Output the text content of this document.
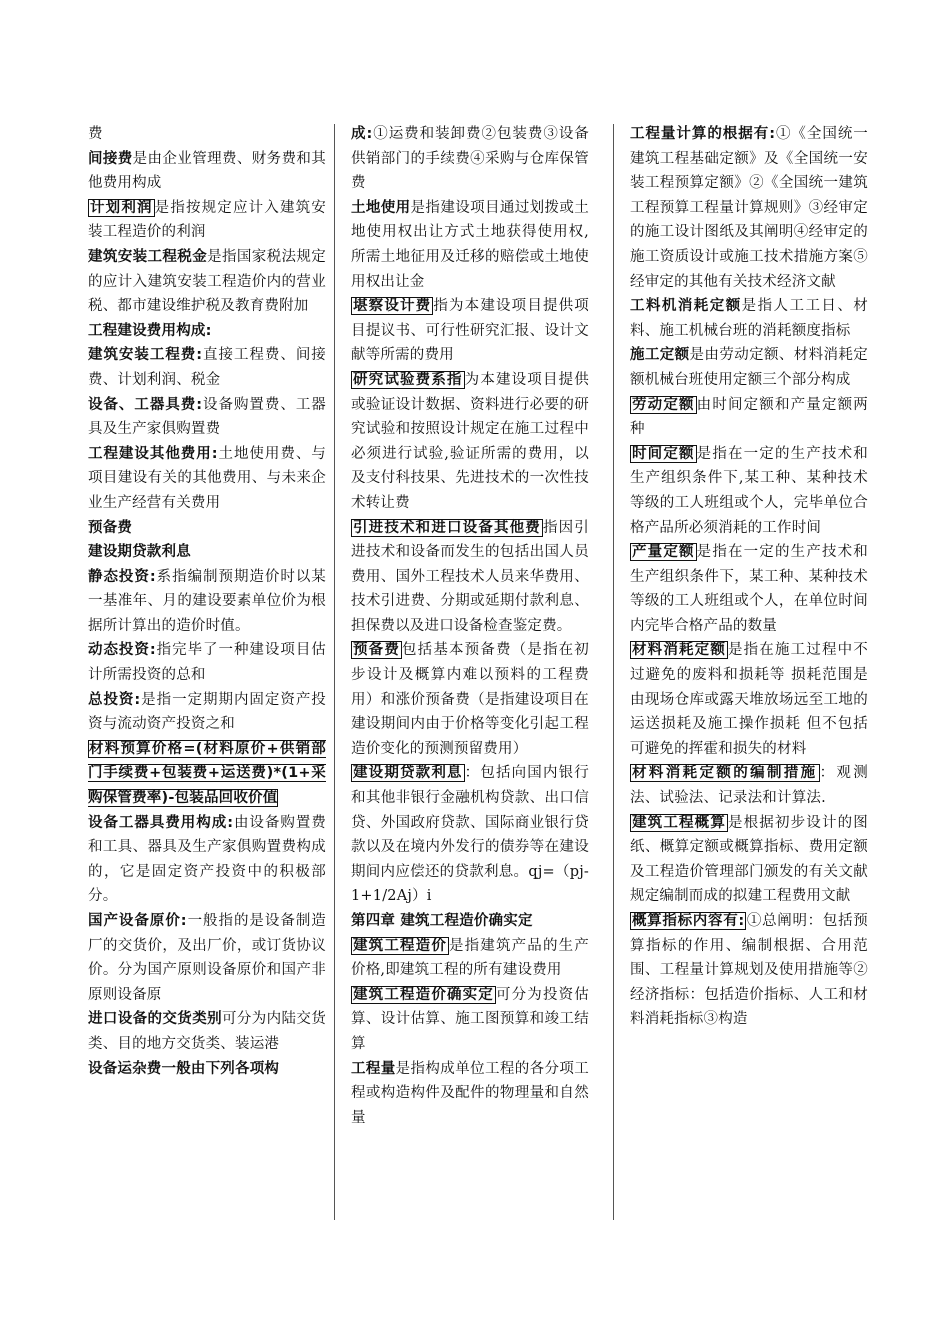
费

间接费是由企业管理费、财务费和其他费用构成

计划利润 是指按规定应计入建筑安装工程造价的利润

建筑安装工程税金是指国家税法规定的应计入建筑安装工程造价内的营业税、都市建设维护税及教育费附加

工程建设费用构成:

建筑安装工程费:直接工程费、间接费、计划利润、税金

设备、工器具费:设备购置费、工器具及生产家俱购置费

工程建设其他费用:土地使用费、与项目建设有关的其他费用、与未来企业生产经营有关费用

预备费

建设期贷款利息

静态投资:系指编制预期造价时以某一基准年、月的建设要素单位价为根据所计算出的造价时值。

动态投资:指完毕了一种建设项目估计所需投资的总和

总投资:是指一定期期内固定资产投资与流动资产投资之和

材料预算价格=(材料原价+供销部门手续费+包装费+运送费)*(1+采购保管费率)-包装品回收价值

设备工器具费用构成:由设备购置费和工具、器具及生产家俱购置费构成的，它是固定资产投资中的积极部分。

国产设备原价:一般指的是设备制造厂的交货价，及出厂价，或订货协议价。分为国产原则设备原价和国产非原则设备原

进口设备的交货类别可分为内陆交货类、目的地方交货类、装运港

设备运杂费一般由下列各项构

成:①运费和装卸费②包装费③设备供销部门的手续费④采购与仓库保管费

土地使用是指建设项目通过划拨或土地使用权出让方式土地获得使用权,所需土地征用及迁移的赔偿或土地使用权出让金

堪察设计费 指为本建设项目提供项目提议书、可行性研究汇报、设计文献等所需的费用

研究试验费系指 为本建设项目提供或验证设计数据、资料进行必要的研究试验和按照设计规定在施工过程中必须进行试验,验证所需的费用，以及支付科技果、先进技术的一次性技术转让费

引进技术和进口设备其他费 指因引进技术和设备而发生的包括出国人员费用、国外工程技术人员来华费用、技术引进费、分期或延期付款利息、担保费以及进口设备检查鉴定费。

预备费 包括基本预备费（是指在初步设计及概算内难以预料的工程费用）和涨价预备费（是指建设项目在建设期间内由于价格等变化引起工程造价变化的预测预留费用）

建设期贷款利息 ：包括向国内银行和其他非银行金融机构贷款、出口信贷、外国政府贷款、国际商业银行贷款以及在境内外发行的债券等在建设期间内应偿还的贷款利息。qj=（pj-1+1/2Aj）i

第四章 建筑工程造价确实定

建筑工程造价 是指建筑产品的生产价格,即建筑工程的所有建设费用

建筑工程造价确实定 可分为投资估算、设计估算、施工图预算和竣工结算

工程量是指构成单位工程的各分项工程或构造构件及配件的物理量和自然量

工程量计算的根据有:①《全国统一建筑工程基础定额》及《全国统一安装工程预算定额》②《全国统一建筑工程预算工程量计算规则》③经审定的施工设计图纸及其阐明④经审定的施工资质设计或施工技术措施方案⑤经审定的其他有关技术经济文献

工料机消耗定额是指人工工日、材料、施工机械台班的消耗额度指标

施工定额是由劳动定额、材料消耗定额机械台班使用定额三个部分构成

劳动定额 由时间定额和产量定额两种

时间定额 是指在一定的生产技术和生产组织条件下,某工种、某种技术等级的工人班组或个人，完毕单位合格产品所必须消耗的工作时间

产量定额 是指在一定的生产技术和生产组织条件下，某工种、某种技术等级的工人班组或个人，在单位时间内完毕合格产品的数量

材料消耗定额 是指在施工过程中不过避免的废料和损耗等 损耗范围是由现场仓库或露天堆放场远至工地的运送损耗及施工操作损耗 但不包括可避免的挥霍和损失的材料

材料消耗定额的编制措施 ：观测法、试验法、记录法和计算法.

建筑工程概算 是根据初步设计的图纸、概算定额或概算指标、费用定额及工程造价管理部门颁发的有关文献规定编制而成的拟建工程费用文献

概算指标内容有: ①总阐明：包括预算指标的作用、编制根据、合用范围、工程量计算规划及使用措施等②经济指标：包括造价指标、人工和材料消耗指标③构造
